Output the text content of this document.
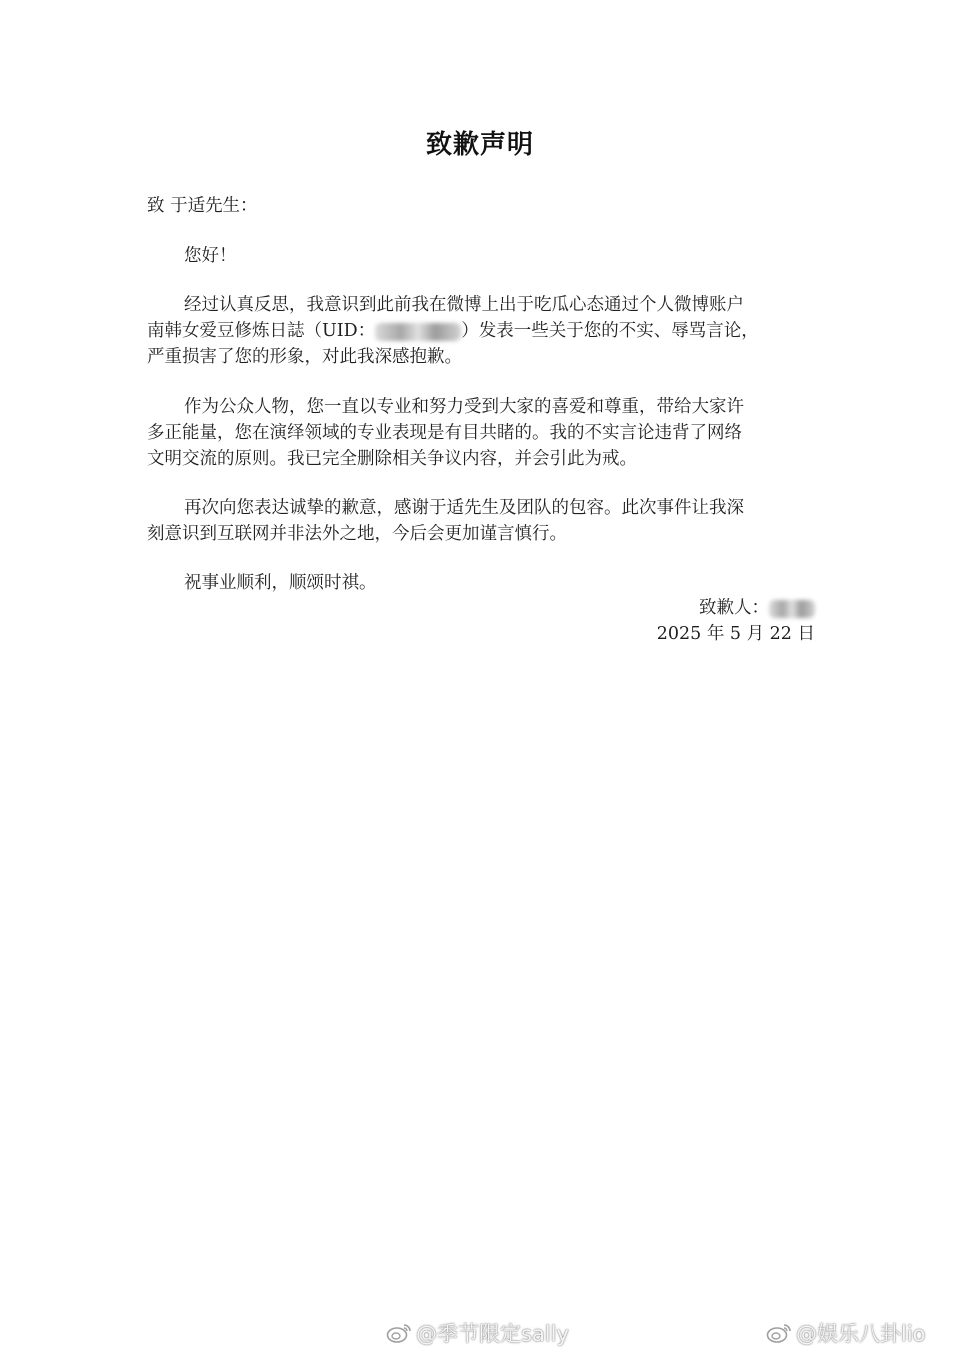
致歉声明
致 于适先生：
您好！
经过认真反思，我意识到此前我在微博上出于吃瓜心态通过个人微博账户
南韩女爱豆修炼日誌（UID：	）发表一些关于您的不实、辱骂言论，
严重损害了您的形象，对此我深感抱歉。
作为公众人物，您一直以专业和努力受到大家的喜爱和尊重，带给大家许
多正能量，您在演绎领域的专业表现是有目共睹的。我的不实言论违背了网络
文明交流的原则。我已完全删除相关争议内容，并会引此为戒。
再次向您表达诚挚的歉意，感谢于适先生及团队的包容。此次事件让我深
刻意识到互联网并非法外之地，今后会更加谨言慎行。
祝事业顺利，顺颂时祺。
致歉人：
2025 年 5 月 22 日
@季节限定sally	@娱乐八卦lio
